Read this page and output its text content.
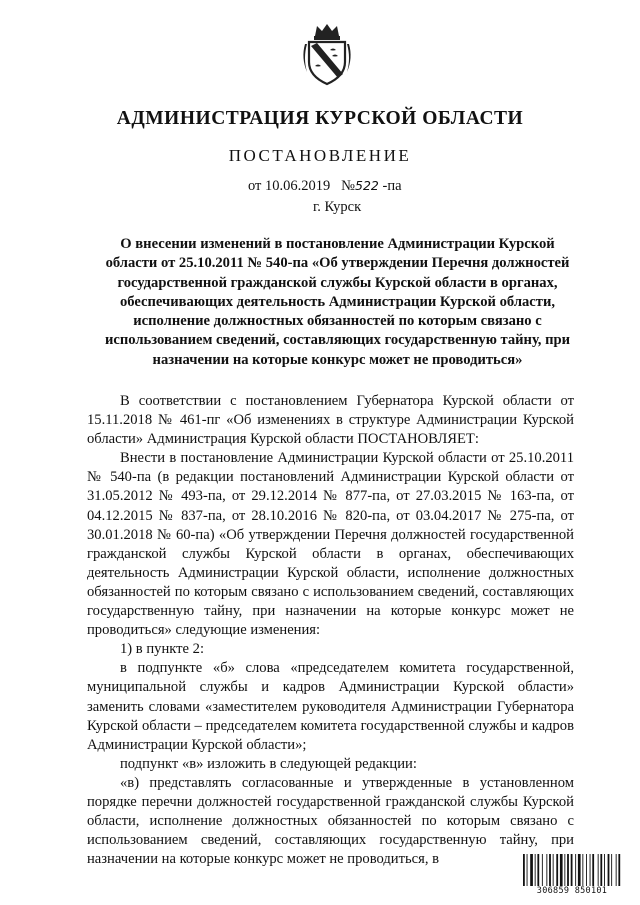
АДМИНИСТРАЦИЯ КУРСКОЙ ОБЛАСТИ
ПОСТАНОВЛЕНИЕ
от 10.06.2019 №522 -па
г. Курск
О внесении изменений в постановление Администрации Курской области от 25.10.2011 № 540-па «Об утверждении Перечня должностей государственной гражданской службы Курской области в органах, обеспечивающих деятельность Администрации Курской области, исполнение должностных обязанностей по которым связано с использованием сведений, составляющих государственную тайну, при назначении на которые конкурс может не проводиться»

В соответствии с постановлением Губернатора Курской области от 15.11.2018 № 461-пг «Об изменениях в структуре Администрации Курской области» Администрация Курской области ПОСТАНОВЛЯЕТ:

Внести в постановление Администрации Курской области от 25.10.2011 № 540-па (в редакции постановлений Администрации Курской области от 31.05.2012 № 493-па, от 29.12.2014 № 877-па, от 27.03.2015 № 163-па, от 04.12.2015 № 837-па, от 28.10.2016 № 820-па, от 03.04.2017 № 275-па, от 30.01.2018 № 60-па) «Об утверждении Перечня должностей государственной гражданской службы Курской области в органах, обеспечивающих деятельность Администрации Курской области, исполнение должностных обязанностей по которым связано с использованием сведений, составляющих государственную тайну, при назначении на которые конкурс может не проводиться» следующие изменения:

1) в пункте 2:

в подпункте «б» слова «председателем комитета государственной, муниципальной службы и кадров Администрации Курской области» заменить словами «заместителем руководителя Администрации Губернатора Курской области – председателем комитета государственной службы и кадров Администрации Курской области»;

подпункт «в» изложить в следующей редакции:

«в) представлять согласованные и утвержденные в установленном порядке перечни должностей государственной гражданской службы Курской области, исполнение должностных обязанностей по которым связано с использованием сведений, составляющих государственную тайну, при назначении на которые конкурс может не проводиться, в

306859 850101
